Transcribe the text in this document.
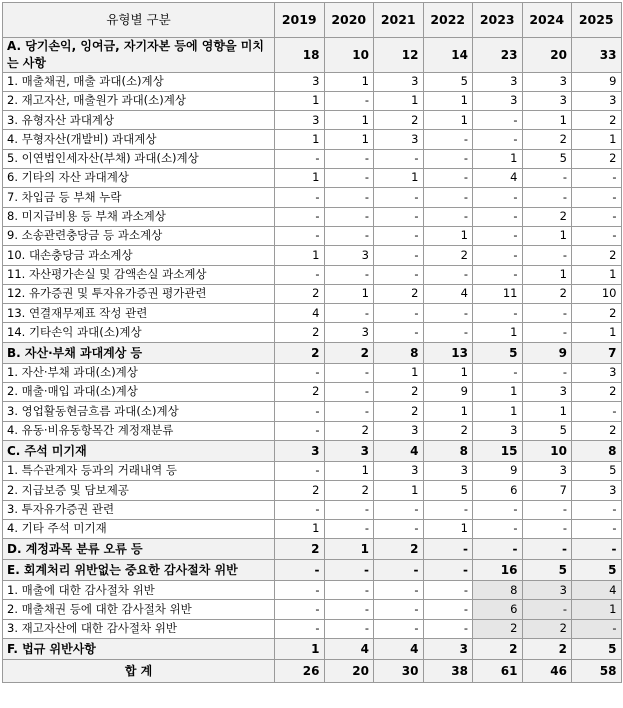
유형별 구분	2019	2020	2021	2022	2023	2024	2025
A. 당기손익, 잉여금, 자기자본 등에 영향을 미치는 사항	18	10	12	14	23	20	33
1. 매출채권, 매출 과대(소)계상	3	1	3	5	3	3	9
2. 재고자산, 매출원가 과대(소)계상	1	-	1	1	3	3	3
3. 유형자산 과대계상	3	1	2	1	-	1	2
4. 무형자산(개발비) 과대계상	1	1	3	-	-	2	1
5. 이연법인세자산(부채) 과대(소)계상	-	-	-	-	1	5	2
6. 기타의 자산 과대계상	1	-	1	-	4	-	-
7. 차입금 등 부채 누락	-	-	-	-	-	-	-
8. 미지급비용 등 부채 과소계상	-	-	-	-	-	2	-
9. 소송관련충당금 등 과소계상	-	-	-	1	-	1	-
10. 대손충당금 과소계상	1	3	-	2	-	-	2
11. 자산평가손실 및 감액손실 과소계상	-	-	-	-	-	1	1
12. 유가증권 및 투자유가증권 평가관련	2	1	2	4	11	2	10
13. 연결재무제표 작성 관련	4	-	-	-	-	-	2
14. 기타손익 과대(소)계상	2	3	-	-	1	-	1
B. 자산·부채 과대계상 등	2	2	8	13	5	9	7
1. 자산·부채 과대(소)계상	-	-	1	1	-	-	3
2. 매출·매입 과대(소)계상	2	-	2	9	1	3	2
3. 영업활동현금흐름 과대(소)계상	-	-	2	1	1	1	-
4. 유동·비유동항목간 계정재분류	-	2	3	2	3	5	2
C. 주석 미기재	3	3	4	8	15	10	8
1. 특수관계자 등과의 거래내역 등	-	1	3	3	9	3	5
2. 지급보증 및 담보제공	2	2	1	5	6	7	3
3. 투자유가증권 관련	-	-	-	-	-	-	-
4. 기타 주석 미기재	1	-	-	1	-	-	-
D. 계정과목 분류 오류 등	2	1	2	-	-	-	-
E. 회계처리 위반없는 중요한 감사절차 위반	-	-	-	-	16	5	5
1. 매출에 대한 감사절차 위반	-	-	-	-	8	3	4
2. 매출채권 등에 대한 감사절차 위반	-	-	-	-	6	-	1
3. 재고자산에 대한 감사절차 위반	-	-	-	-	2	2	-
F. 법규 위반사항	1	4	4	3	2	2	5
합 계	26	20	30	38	61	46	58
